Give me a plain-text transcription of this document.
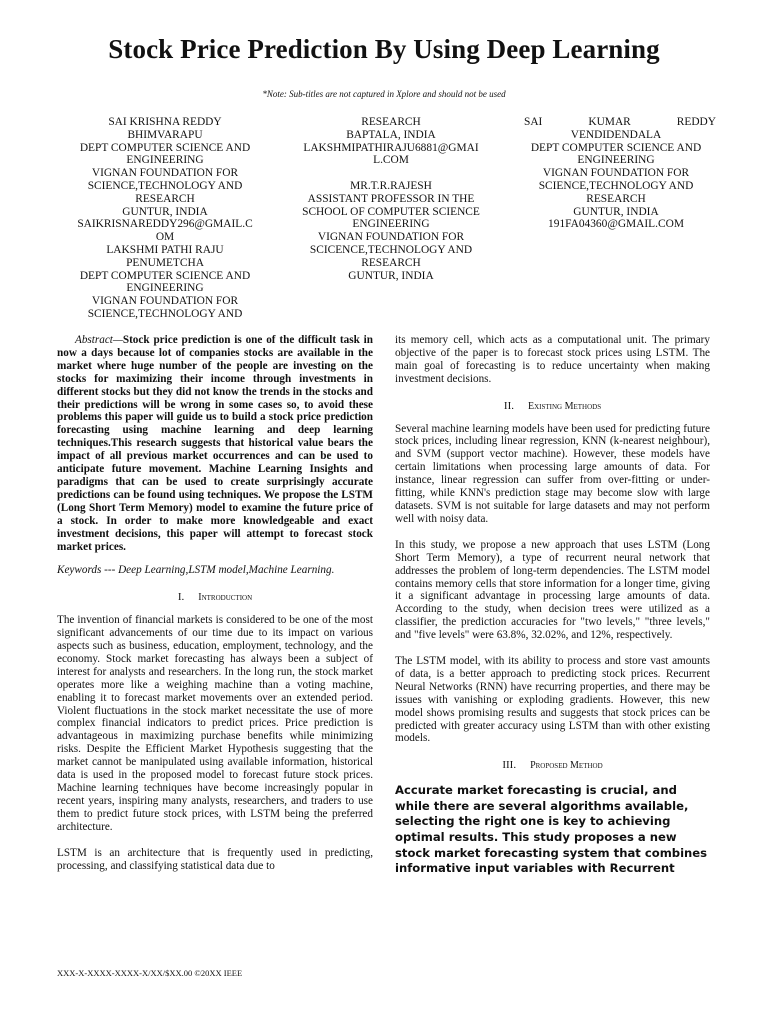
Stock Price Prediction By Using Deep Learning
*Note: Sub-titles are not captured in Xplore and should not be used
SAI KRISHNA REDDY
BHIMVARAPU
DEPT COMPUTER SCIENCE AND
ENGINEERING
VIGNAN FOUNDATION FOR
SCIENCE,TECHNOLOGY AND
RESEARCH
GUNTUR, INDIA
SAIKRISNAREDDY296@GMAIL.C
OM
LAKSHMI PATHI RAJU
PENUMETCHA
DEPT COMPUTER SCIENCE AND
ENGINEERING
VIGNAN FOUNDATION FOR
SCIENCE,TECHNOLOGY AND
RESEARCH
BAPTALA, INDIA
LAKSHMIPATHIRAJU6881@GMAI
L.COM

MR.T.R.RAJESH
ASSISTANT PROFESSOR IN THE
SCHOOL OF COMPUTER SCIENCE
ENGINEERING
VIGNAN FOUNDATION FOR
SCICENCE,TECHNOLOGY AND
RESEARCH
GUNTUR, INDIA
SAI	KUMAR	REDDY
VENDIDENDALA
DEPT COMPUTER SCIENCE AND
ENGINEERING
VIGNAN FOUNDATION FOR
SCIENCE,TECHNOLOGY AND
RESEARCH
GUNTUR, INDIA
191FA04360@GMAIL.COM

Abstract—Stock price prediction is one of the difficult task in now a days because lot of companies stocks are available in the market where huge number of the people are investing on the stocks for maximizing their income through investments in different stocks but they did not know the trends in the stocks and their predictions will be wrong in some cases so, to avoid these problems this paper will guide us to build a stock price prediction forecasting using machine learning and deep learning techniques.This research suggests that historical value bears the impact of all previous market occurrences and can be used to anticipate future movement. Machine Learning Insights and paradigms that can be used to create surprisingly accurate predictions can be found using techniques. We propose the LSTM (Long Short Term Memory) model to examine the future price of a stock. In order to make more knowledgeable and exact investment decisions, this paper will attempt to forecast stock market prices.

Keywords --- Deep Learning,LSTM model,Machine Learning.

I. Introduction

The invention of financial markets is considered to be one of the most significant advancements of our time due to its impact on various aspects such as business, education, employment, technology, and the economy. Stock market forecasting has always been a subject of interest for analysts and researchers. In the long run, the stock market operates more like a weighing machine than a voting machine, enabling it to forecast market movements over an extended period. Violent fluctuations in the stock market necessitate the use of more complex financial indicators to predict prices. Price prediction is advantageous in maximizing purchase benefits while minimizing risks. Despite the Efficient Market Hypothesis suggesting that the market cannot be manipulated using available information, historical data is used in the proposed model to forecast future stock prices. Machine learning techniques have become increasingly popular in recent years, inspiring many analysts, researchers, and traders to use them to predict future stock prices, with LSTM being the preferred architecture.

LSTM is an architecture that is frequently used in predicting, processing, and classifying statistical data due to

its memory cell, which acts as a computational unit. The primary objective of the paper is to forecast stock prices using LSTM. The main goal of forecasting is to reduce uncertainty when making investment decisions.

II. Existing Methods

Several machine learning models have been used for predicting future stock prices, including linear regression, KNN (k-nearest neighbour), and SVM (support vector machine). However, these models have certain limitations when processing large amounts of data. For instance, linear regression can suffer from over-fitting or under-fitting, while KNN's prediction stage may become slow with large datasets. SVM is not suitable for large datasets and may not perform well with noisy data.

In this study, we propose a new approach that uses LSTM (Long Short Term Memory), a type of recurrent neural network that addresses the problem of long-term dependencies. The LSTM model contains memory cells that store information for a longer time, giving it a significant advantage in processing large amounts of data. According to the study, when decision trees were utilized as a classifier, the prediction accuracies for "two levels," "three levels," and "five levels" were 63.8%, 32.02%, and 12%, respectively.

The LSTM model, with its ability to process and store vast amounts of data, is a better approach to predicting stock prices. Recurrent Neural Networks (RNN) have recurring properties, and there may be issues with vanishing or exploding gradients. However, this new model shows promising results and suggests that stock prices can be predicted with greater accuracy using LSTM than with other existing models.

III. Proposed Method

Accurate market forecasting is crucial, and while there are several algorithms available, selecting the right one is key to achieving optimal results. This study proposes a new stock market forecasting system that combines informative input variables with Recurrent

XXX-X-XXXX-XXXX-X/XX/$XX.00 ©20XX IEEE
